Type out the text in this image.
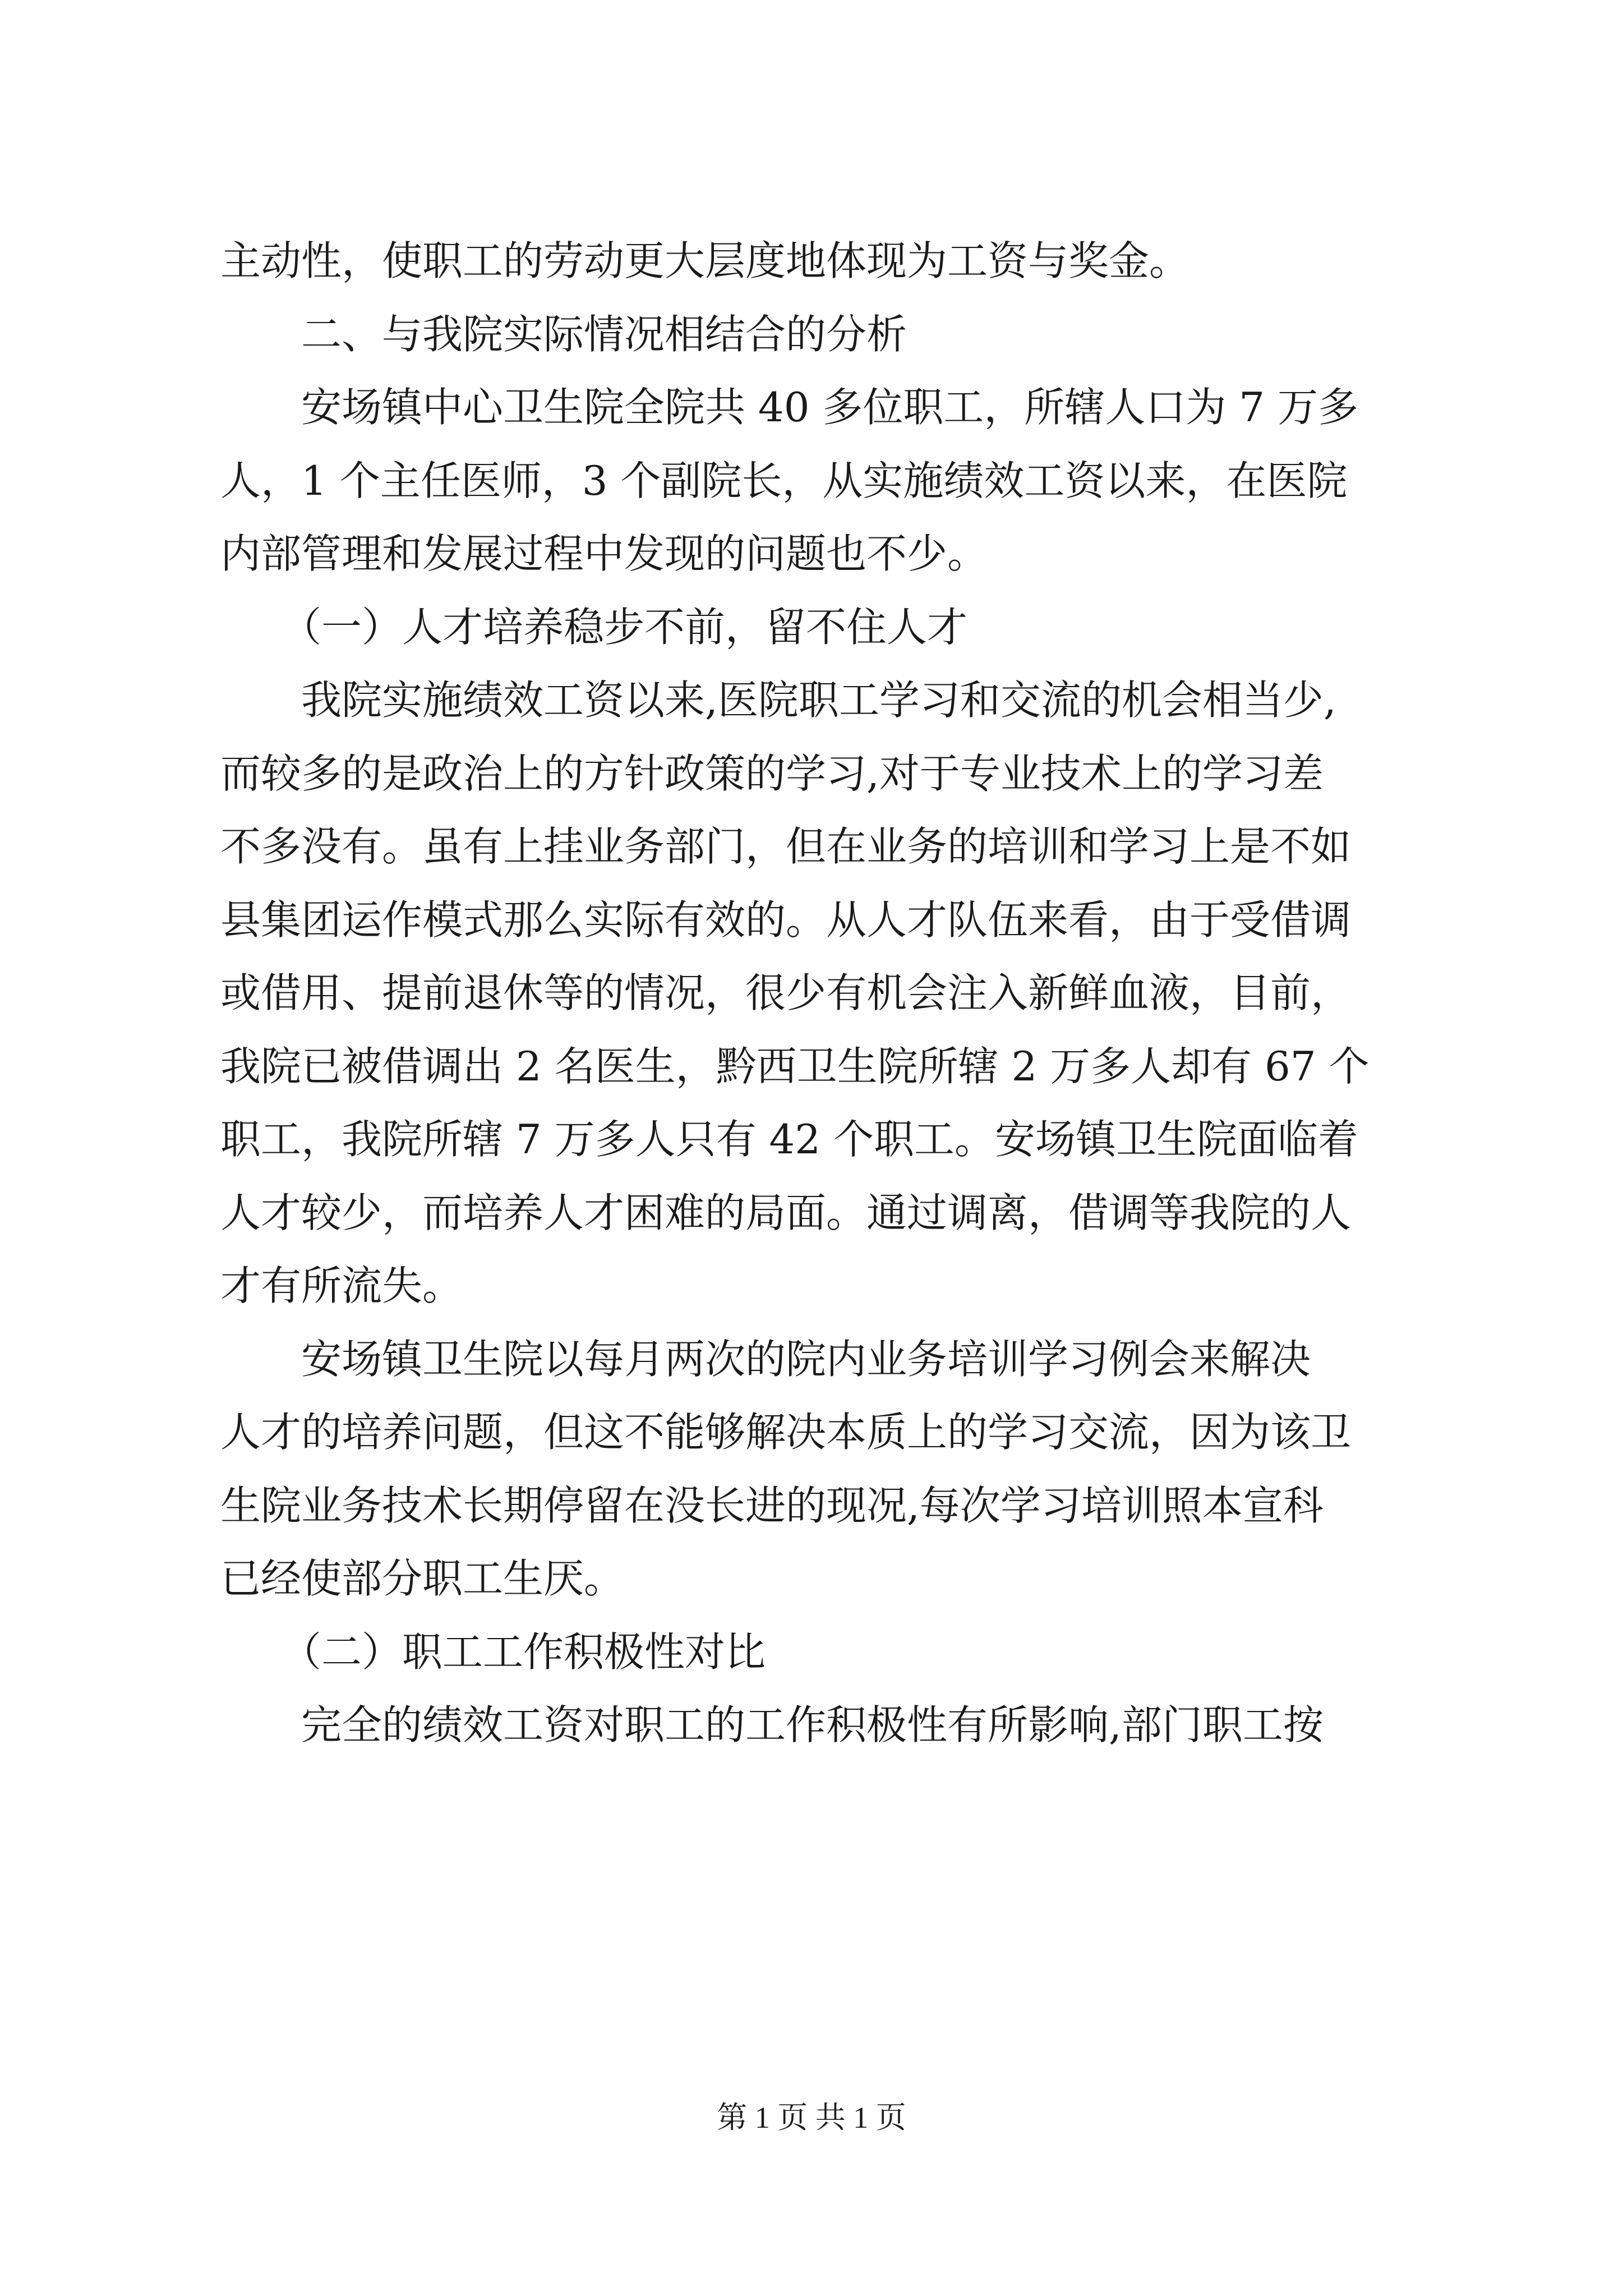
主动性，使职工的劳动更大层度地体现为工资与奖金。
　　二、与我院实际情况相结合的分析
　　安场镇中心卫生院全院共 40 多位职工，所辖人口为 7 万多
人，1 个主任医师，3 个副院长，从实施绩效工资以来，在医院
内部管理和发展过程中发现的问题也不少。
　　（一）人才培养稳步不前，留不住人才
　　我院实施绩效工资以来,医院职工学习和交流的机会相当少,
而较多的是政治上的方针政策的学习,对于专业技术上的学习差
不多没有。虽有上挂业务部门，但在业务的培训和学习上是不如
县集团运作模式那么实际有效的。从人才队伍来看，由于受借调
或借用、提前退休等的情况，很少有机会注入新鲜血液，目前，
我院已被借调出 2 名医生，黔西卫生院所辖 2 万多人却有 67 个
职工，我院所辖 7 万多人只有 42 个职工。安场镇卫生院面临着
人才较少，而培养人才困难的局面。通过调离，借调等我院的人
才有所流失。
　　安场镇卫生院以每月两次的院内业务培训学习例会来解决
人才的培养问题，但这不能够解决本质上的学习交流，因为该卫
生院业务技术长期停留在没长进的现况,每次学习培训照本宣科
已经使部分职工生厌。
　　（二）职工工作积极性对比
　　完全的绩效工资对职工的工作积极性有所影响,部门职工按
第 1 页 共 1 页
